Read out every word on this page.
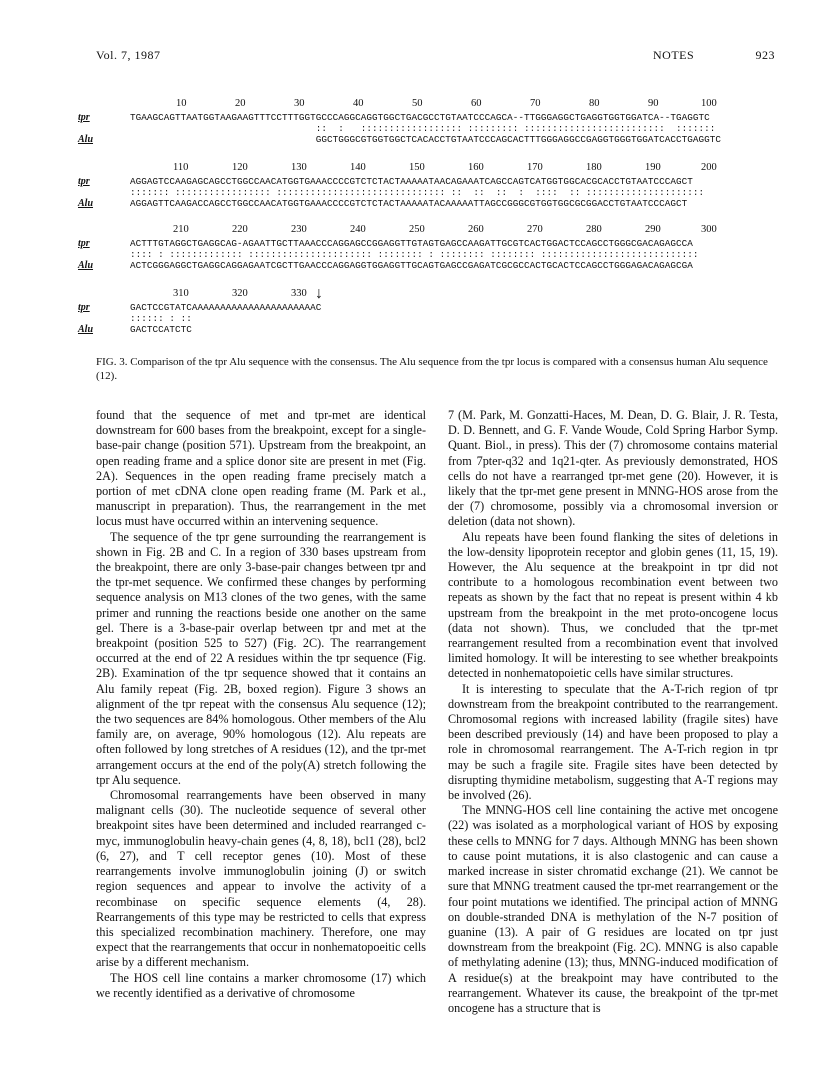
Vol. 7, 1987	NOTES	923
10	20	30	40	50	60	70	80	90	100
tpr	TGAAGCAGTTAATGGTAAGAAGTTTCCTTTGGTGCCCAGGCAGGTGGCTGACGCCTGTAATCCCAGCA--TTGGGAGGCTGAGGTGGTGGATCA--TGAGGTC
::  :   :::::::::::::::::: ::::::::: :::::::::::::::::::::::::  :::::::
Alu	GGCTGGGCGTGGTGGCTCACACCTGTAATCCCAGCACTTTGGGAGGCCGAGGTGGGTGGATCACCTGAGGTC
110	120	130	140	150	160	170	180	190	200
tpr	AGGAGTCCAAGAGCAGCCTGGCCAACATGGTGAAACCCCGTCTCTACTAAAAATAACAGAAATCAGCCAGTCATGGTGGCACGCACCTGTAATCCCAGCT
::::::: ::::::::::::::::: :::::::::::::::::::::::::::::: ::  ::  ::  :  ::::  :: :::::::::::::::::::::
Alu	AGGAGTTCAAGACCAGCCTGGCCAACATGGTGAAACCCCGTCTCTACTAAAAATACAAAAATTAGCCGGGCGTGGTGGCGCGGACCTGTAATCCCAGCT
210	220	230	240	250	260	270	280	290	300
tpr	ACTTTGTAGGCTGAGGCAG-AGAATTGCTTAAACCCAGGAGCCGGAGGTTGTAGTGAGCCAAGATTGCGTCACTGGACTCCAGCCTGGGCGACAGAGCCA
:::: : ::::::::::::: :::::::::::::::::::::: :::::::: : :::::::: :::::::: ::::::::::::::::::::::::::::
Alu	ACTCGGGAGGCTGAGGCAGGAGAATCGCTTGAACCCAGGAGGTGGAGGTTGCAGTGAGCCGAGATCGCGCCACTGCACTCCAGCCTGGGAGACAGAGCGA
310	320	330 ↓
tpr	GACTCCGTATCAAAAAAAAAAAAAAAAAAAAAAC
:::::: : ::
Alu	GACTCCATCTC
FIG. 3. Comparison of the tpr Alu sequence with the consensus. The Alu sequence from the tpr locus is compared with a consensus human Alu sequence (12).

found that the sequence of met and tpr-met are identical downstream for 600 bases from the breakpoint, except for a single-base-pair change (position 571). Upstream from the breakpoint, an open reading frame and a splice donor site are present in met (Fig. 2A). Sequences in the open reading frame precisely match a portion of met cDNA clone open reading frame (M. Park et al., manuscript in preparation). Thus, the rearrangement in the met locus must have occurred within an intervening sequence.

The sequence of the tpr gene surrounding the rearrangement is shown in Fig. 2B and C. In a region of 330 bases upstream from the breakpoint, there are only 3-base-pair changes between tpr and the tpr-met sequence. We confirmed these changes by performing sequence analysis on M13 clones of the two genes, with the same primer and running the reactions beside one another on the same gel. There is a 3-base-pair overlap between tpr and met at the breakpoint (position 525 to 527) (Fig. 2C). The rearrangement occurred at the end of 22 A residues within the tpr sequence (Fig. 2B). Examination of the tpr sequence showed that it contains an Alu family repeat (Fig. 2B, boxed region). Figure 3 shows an alignment of the tpr repeat with the consensus Alu sequence (12); the two sequences are 84% homologous. Other members of the Alu family are, on average, 90% homologous (12). Alu repeats are often followed by long stretches of A residues (12), and the tpr-met arrangement occurs at the end of the poly(A) stretch following the tpr Alu sequence.

Chromosomal rearrangements have been observed in many malignant cells (30). The nucleotide sequence of several other breakpoint sites have been determined and included rearranged c-myc, immunoglobulin heavy-chain genes (4, 8, 18), bcl1 (28), bcl2 (6, 27), and T cell receptor genes (10). Most of these rearrangements involve immunoglobulin joining (J) or switch region sequences and appear to involve the activity of a recombinase on specific sequence elements (4, 28). Rearrangements of this type may be restricted to cells that express this specialized recombination machinery. Therefore, one may expect that the rearrangements that occur in nonhematopoeitic cells arise by a different mechanism.

The HOS cell line contains a marker chromosome (17) which we recently identified as a derivative of chromosome

7 (M. Park, M. Gonzatti-Haces, M. Dean, D. G. Blair, J. R. Testa, D. D. Bennett, and G. F. Vande Woude, Cold Spring Harbor Symp. Quant. Biol., in press). This der (7) chromosome contains material from 7pter-q32 and 1q21-qter. As previously demonstrated, HOS cells do not have a rearranged tpr-met gene (20). However, it is likely that the tpr-met gene present in MNNG-HOS arose from the der (7) chromosome, possibly via a chromosomal inversion or deletion (data not shown).

Alu repeats have been found flanking the sites of deletions in the low-density lipoprotein receptor and globin genes (11, 15, 19). However, the Alu sequence at the breakpoint in tpr did not contribute to a homologous recombination event between two repeats as shown by the fact that no repeat is present within 4 kb upstream from the breakpoint in the met proto-oncogene locus (data not shown). Thus, we concluded that the tpr-met rearrangement resulted from a recombination event that involved limited homology. It will be interesting to see whether breakpoints detected in nonhematopoietic cells have similar structures.

It is interesting to speculate that the A-T-rich region of tpr downstream from the breakpoint contributed to the rearrangement. Chromosomal regions with increased lability (fragile sites) have been described previously (14) and have been proposed to play a role in chromosomal rearrangement. The A-T-rich region in tpr may be such a fragile site. Fragile sites have been detected by disrupting thymidine metabolism, suggesting that A-T regions may be involved (26).

The MNNG-HOS cell line containing the active met oncogene (22) was isolated as a morphological variant of HOS by exposing these cells to MNNG for 7 days. Although MNNG has been shown to cause point mutations, it is also clastogenic and can cause a marked increase in sister chromatid exchange (21). We cannot be sure that MNNG treatment caused the tpr-met rearrangement or the four point mutations we identified. The principal action of MNNG on double-stranded DNA is methylation of the N-7 position of guanine (13). A pair of G residues are located on tpr just downstream from the breakpoint (Fig. 2C). MNNG is also capable of methylating adenine (13); thus, MNNG-induced modification of A residue(s) at the breakpoint may have contributed to the rearrangement. Whatever its cause, the breakpoint of the tpr-met oncogene has a structure that is
